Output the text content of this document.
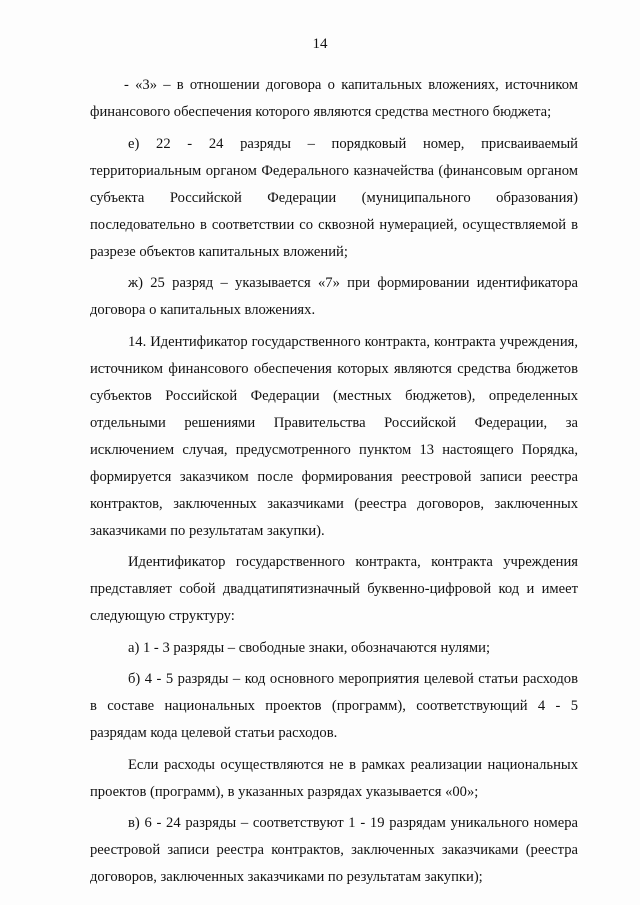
14

- «3» – в отношении договора о капитальных вложениях, источником финансового обеспечения которого являются средства местного бюджета;

е) 22 - 24 разряды – порядковый номер, присваиваемый территориальным органом Федерального казначейства (финансовым органом субъекта Российской Федерации (муниципального образования) последовательно в соответствии со сквозной нумерацией, осуществляемой в разрезе объектов капитальных вложений;

ж) 25 разряд – указывается «7» при формировании идентификатора договора о капитальных вложениях.

14. Идентификатор государственного контракта, контракта учреждения, источником финансового обеспечения которых являются средства бюджетов субъектов Российской Федерации (местных бюджетов), определенных отдельными решениями Правительства Российской Федерации, за исключением случая, предусмотренного пунктом 13 настоящего Порядка, формируется заказчиком после формирования реестровой записи реестра контрактов, заключенных заказчиками (реестра договоров, заключенных заказчиками по результатам закупки).

Идентификатор государственного контракта, контракта учреждения представляет собой двадцатипятизначный буквенно-цифровой код и имеет следующую структуру:

а) 1 - 3 разряды – свободные знаки, обозначаются нулями;

б) 4 - 5 разряды – код основного мероприятия целевой статьи расходов в составе национальных проектов (программ), соответствующий 4 - 5 разрядам кода целевой статьи расходов.

Если расходы осуществляются не в рамках реализации национальных проектов (программ), в указанных разрядах указывается «00»;

в) 6 - 24 разряды – соответствуют 1 - 19 разрядам уникального номера реестровой записи реестра контрактов, заключенных заказчиками (реестра договоров, заключенных заказчиками по результатам закупки);
